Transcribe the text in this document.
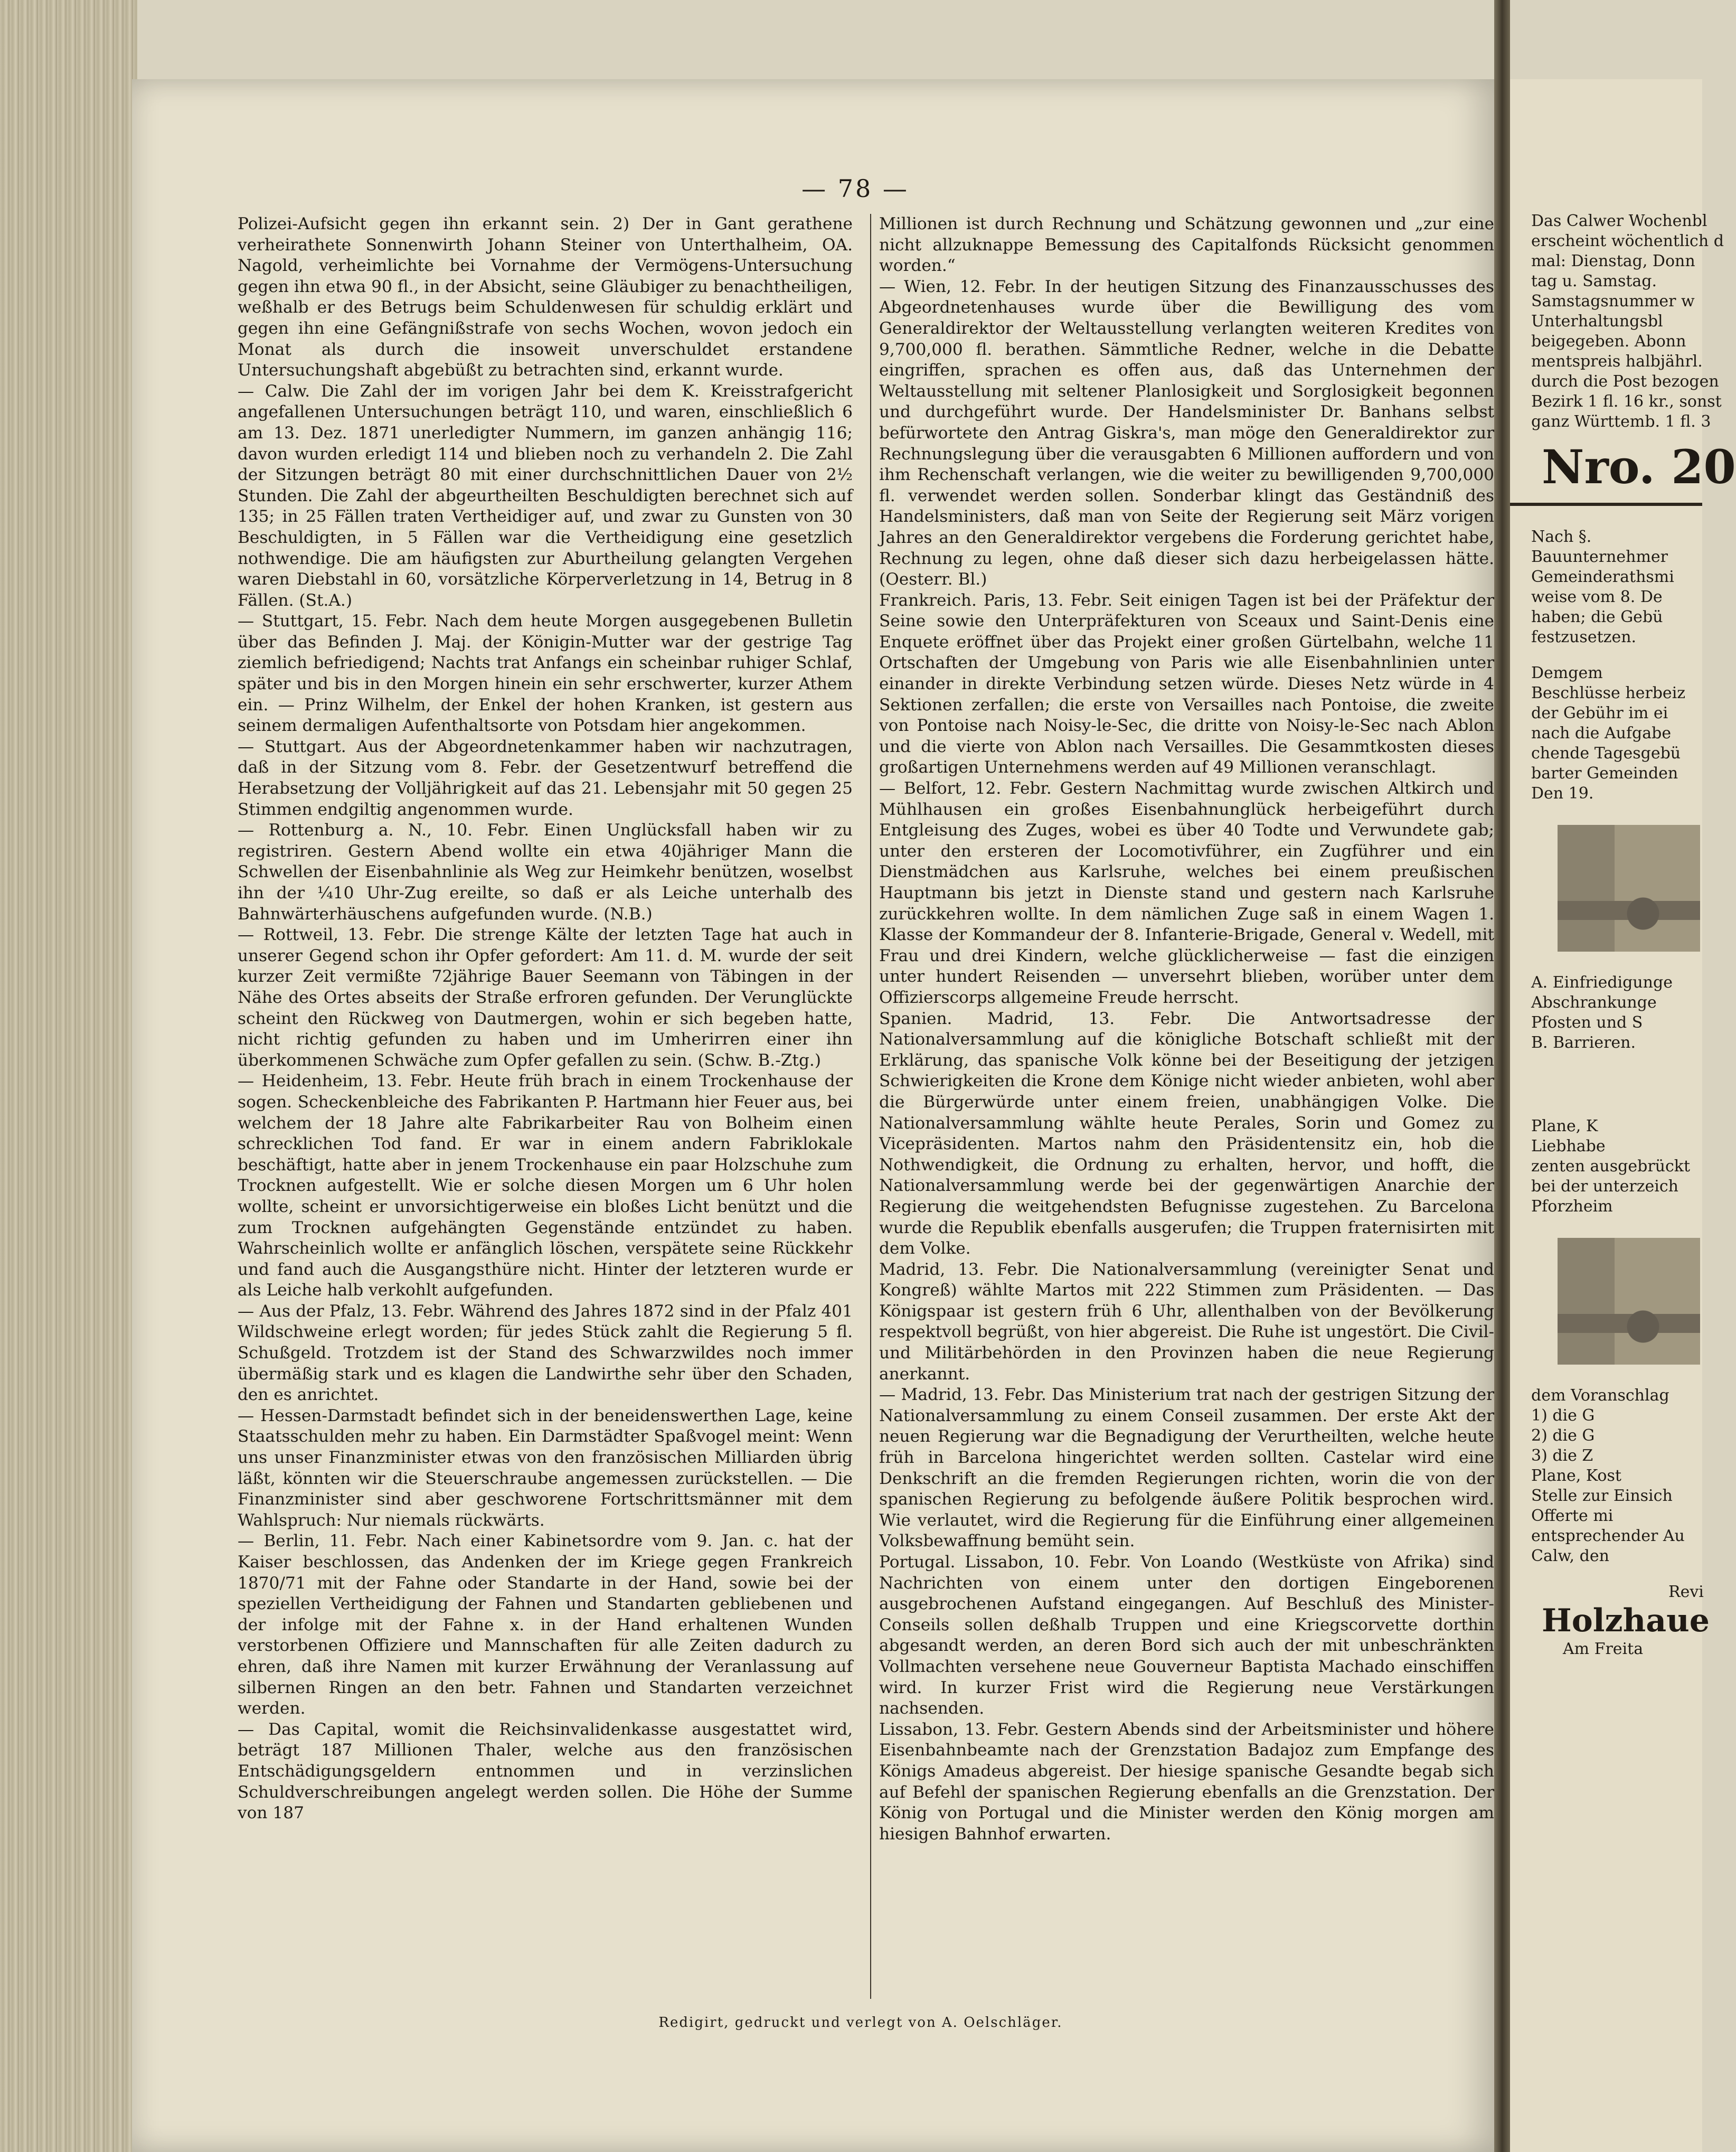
— 78 —

Polizei-Aufsicht gegen ihn erkannt sein. 2) Der in Gant gerathene verheirathete Sonnenwirth Johann Steiner von Unterthalheim, OA. Nagold, verheimlichte bei Vornahme der Vermögens-Untersuchung gegen ihn etwa 90 fl., in der Absicht, seine Gläubiger zu benachtheiligen, weßhalb er des Betrugs beim Schuldenwesen für schuldig erklärt und gegen ihn eine Gefängnißstrafe von sechs Wochen, wovon jedoch ein Monat als durch die insoweit unverschuldet erstandene Untersuchungshaft abgebüßt zu betrachten sind, erkannt wurde.

— Calw. Die Zahl der im vorigen Jahr bei dem K. Kreisstrafgericht angefallenen Untersuchungen beträgt 110, und waren, einschließlich 6 am 13. Dez. 1871 unerledigter Nummern, im ganzen anhängig 116; davon wurden erledigt 114 und blieben noch zu verhandeln 2. Die Zahl der Sitzungen beträgt 80 mit einer durchschnittlichen Dauer von 2½ Stunden. Die Zahl der abgeurtheilten Beschuldigten berechnet sich auf 135; in 25 Fällen traten Vertheidiger auf, und zwar zu Gunsten von 30 Beschuldigten, in 5 Fällen war die Vertheidigung eine gesetzlich nothwendige. Die am häufigsten zur Aburtheilung gelangten Vergehen waren Diebstahl in 60, vorsätzliche Körperverletzung in 14, Betrug in 8 Fällen. (St.A.)

— Stuttgart, 15. Febr. Nach dem heute Morgen ausgegebenen Bulletin über das Befinden J. Maj. der Königin-Mutter war der gestrige Tag ziemlich befriedigend; Nachts trat Anfangs ein scheinbar ruhiger Schlaf, später und bis in den Morgen hinein ein sehr erschwerter, kurzer Athem ein. — Prinz Wilhelm, der Enkel der hohen Kranken, ist gestern aus seinem dermaligen Aufenthaltsorte von Potsdam hier angekommen.

— Stuttgart. Aus der Abgeordnetenkammer haben wir nachzutragen, daß in der Sitzung vom 8. Febr. der Gesetzentwurf betreffend die Herabsetzung der Volljährigkeit auf das 21. Lebensjahr mit 50 gegen 25 Stimmen endgiltig angenommen wurde.

— Rottenburg a. N., 10. Febr. Einen Unglücksfall haben wir zu registriren. Gestern Abend wollte ein etwa 40jähriger Mann die Schwellen der Eisenbahnlinie als Weg zur Heimkehr benützen, woselbst ihn der ¼10 Uhr-Zug ereilte, so daß er als Leiche unterhalb des Bahnwärterhäuschens aufgefunden wurde. (N.B.)

— Rottweil, 13. Febr. Die strenge Kälte der letzten Tage hat auch in unserer Gegend schon ihr Opfer gefordert: Am 11. d. M. wurde der seit kurzer Zeit vermißte 72jährige Bauer Seemann von Täbingen in der Nähe des Ortes abseits der Straße erfroren gefunden. Der Verunglückte scheint den Rückweg von Dautmergen, wohin er sich begeben hatte, nicht richtig gefunden zu haben und im Umherirren einer ihn überkommenen Schwäche zum Opfer gefallen zu sein. (Schw. B.-Ztg.)

— Heidenheim, 13. Febr. Heute früh brach in einem Trockenhause der sogen. Scheckenbleiche des Fabrikanten P. Hartmann hier Feuer aus, bei welchem der 18 Jahre alte Fabrikarbeiter Rau von Bolheim einen schrecklichen Tod fand. Er war in einem andern Fabriklokale beschäftigt, hatte aber in jenem Trockenhause ein paar Holzschuhe zum Trocknen aufgestellt. Wie er solche diesen Morgen um 6 Uhr holen wollte, scheint er unvorsichtigerweise ein bloßes Licht benützt und die zum Trocknen aufgehängten Gegenstände entzündet zu haben. Wahrscheinlich wollte er anfänglich löschen, verspätete seine Rückkehr und fand auch die Ausgangsthüre nicht. Hinter der letzteren wurde er als Leiche halb verkohlt aufgefunden.

— Aus der Pfalz, 13. Febr. Während des Jahres 1872 sind in der Pfalz 401 Wildschweine erlegt worden; für jedes Stück zahlt die Regierung 5 fl. Schußgeld. Trotzdem ist der Stand des Schwarzwildes noch immer übermäßig stark und es klagen die Landwirthe sehr über den Schaden, den es anrichtet.

— Hessen-Darmstadt befindet sich in der beneidenswerthen Lage, keine Staatsschulden mehr zu haben. Ein Darmstädter Spaßvogel meint: Wenn uns unser Finanzminister etwas von den französischen Milliarden übrig läßt, könnten wir die Steuerschraube angemessen zurückstellen. — Die Finanzminister sind aber geschworene Fortschrittsmänner mit dem Wahlspruch: Nur niemals rückwärts.

— Berlin, 11. Febr. Nach einer Kabinetsordre vom 9. Jan. c. hat der Kaiser beschlossen, das Andenken der im Kriege gegen Frankreich 1870/71 mit der Fahne oder Standarte in der Hand, sowie bei der speziellen Vertheidigung der Fahnen und Standarten gebliebenen und der infolge mit der Fahne x. in der Hand erhaltenen Wunden verstorbenen Offiziere und Mannschaften für alle Zeiten dadurch zu ehren, daß ihre Namen mit kurzer Erwähnung der Veranlassung auf silbernen Ringen an den betr. Fahnen und Standarten verzeichnet werden.

— Das Capital, womit die Reichsinvalidenkasse ausgestattet wird, beträgt 187 Millionen Thaler, welche aus den französischen Entschädigungsgeldern entnommen und in verzinslichen Schuldverschreibungen angelegt werden sollen. Die Höhe der Summe von 187

Millionen ist durch Rechnung und Schätzung gewonnen und „zur eine nicht allzuknappe Bemessung des Capitalfonds Rücksicht genommen worden.“

— Wien, 12. Febr. In der heutigen Sitzung des Finanzausschusses des Abgeordnetenhauses wurde über die Bewilligung des vom Generaldirektor der Weltausstellung verlangten weiteren Kredites von 9,700,000 fl. berathen. Sämmtliche Redner, welche in die Debatte eingriffen, sprachen es offen aus, daß das Unternehmen der Weltausstellung mit seltener Planlosigkeit und Sorglosigkeit begonnen und durchgeführt wurde. Der Handelsminister Dr. Banhans selbst befürwortete den Antrag Giskra's, man möge den Generaldirektor zur Rechnungslegung über die verausgabten 6 Millionen auffordern und von ihm Rechenschaft verlangen, wie die weiter zu bewilligenden 9,700,000 fl. verwendet werden sollen. Sonderbar klingt das Geständniß des Handelsministers, daß man von Seite der Regierung seit März vorigen Jahres an den Generaldirektor vergebens die Forderung gerichtet habe, Rechnung zu legen, ohne daß dieser sich dazu herbeigelassen hätte. (Oesterr. Bl.)

Frankreich. Paris, 13. Febr. Seit einigen Tagen ist bei der Präfektur der Seine sowie den Unterpräfekturen von Sceaux und Saint-Denis eine Enquete eröffnet über das Projekt einer großen Gürtelbahn, welche 11 Ortschaften der Umgebung von Paris wie alle Eisenbahnlinien unter einander in direkte Verbindung setzen würde. Dieses Netz würde in 4 Sektionen zerfallen; die erste von Versailles nach Pontoise, die zweite von Pontoise nach Noisy-le-Sec, die dritte von Noisy-le-Sec nach Ablon und die vierte von Ablon nach Versailles. Die Gesammtkosten dieses großartigen Unternehmens werden auf 49 Millionen veranschlagt.

— Belfort, 12. Febr. Gestern Nachmittag wurde zwischen Altkirch und Mühlhausen ein großes Eisenbahnunglück herbeigeführt durch Entgleisung des Zuges, wobei es über 40 Todte und Verwundete gab; unter den ersteren der Locomotivführer, ein Zugführer und ein Dienstmädchen aus Karlsruhe, welches bei einem preußischen Hauptmann bis jetzt in Dienste stand und gestern nach Karlsruhe zurückkehren wollte. In dem nämlichen Zuge saß in einem Wagen 1. Klasse der Kommandeur der 8. Infanterie-Brigade, General v. Wedell, mit Frau und drei Kindern, welche glücklicherweise — fast die einzigen unter hundert Reisenden — unversehrt blieben, worüber unter dem Offizierscorps allgemeine Freude herrscht.

Spanien. Madrid, 13. Febr. Die Antwortsadresse der Nationalversammlung auf die königliche Botschaft schließt mit der Erklärung, das spanische Volk könne bei der Beseitigung der jetzigen Schwierigkeiten die Krone dem Könige nicht wieder anbieten, wohl aber die Bürgerwürde unter einem freien, unabhängigen Volke. Die Nationalversammlung wählte heute Perales, Sorin und Gomez zu Vicepräsidenten. Martos nahm den Präsidentensitz ein, hob die Nothwendigkeit, die Ordnung zu erhalten, hervor, und hofft, die Nationalversammlung werde bei der gegenwärtigen Anarchie der Regierung die weitgehendsten Befugnisse zugestehen. Zu Barcelona wurde die Republik ebenfalls ausgerufen; die Truppen fraternisirten mit dem Volke.

Madrid, 13. Febr. Die Nationalversammlung (vereinigter Senat und Kongreß) wählte Martos mit 222 Stimmen zum Präsidenten. — Das Königspaar ist gestern früh 6 Uhr, allenthalben von der Bevölkerung respektvoll begrüßt, von hier abgereist. Die Ruhe ist ungestört. Die Civil- und Militärbehörden in den Provinzen haben die neue Regierung anerkannt.

— Madrid, 13. Febr. Das Ministerium trat nach der gestrigen Sitzung der Nationalversammlung zu einem Conseil zusammen. Der erste Akt der neuen Regierung war die Begnadigung der Verurtheilten, welche heute früh in Barcelona hingerichtet werden sollten. Castelar wird eine Denkschrift an die fremden Regierungen richten, worin die von der spanischen Regierung zu befolgende äußere Politik besprochen wird. Wie verlautet, wird die Regierung für die Einführung einer allgemeinen Volksbewaffnung bemüht sein.

Portugal. Lissabon, 10. Febr. Von Loando (Westküste von Afrika) sind Nachrichten von einem unter den dortigen Eingeborenen ausgebrochenen Aufstand eingegangen. Auf Beschluß des Minister-Conseils sollen deßhalb Truppen und eine Kriegscorvette dorthin abgesandt werden, an deren Bord sich auch der mit unbeschränkten Vollmachten versehene neue Gouverneur Baptista Machado einschiffen wird. In kurzer Frist wird die Regierung neue Verstärkungen nachsenden.

Lissabon, 13. Febr. Gestern Abends sind der Arbeitsminister und höhere Eisenbahnbeamte nach der Grenzstation Badajoz zum Empfange des Königs Amadeus abgereist. Der hiesige spanische Gesandte begab sich auf Befehl der spanischen Regierung ebenfalls an die Grenzstation. Der König von Portugal und die Minister werden den König morgen am hiesigen Bahnhof erwarten.

Redigirt, gedruckt und verlegt von A. Oelschläger.
Das Calwer Wochenbl
erscheint wöchentlich d
mal: Dienstag, Donn
tag u. Samstag.
Samstagsnummer w
Unterhaltungsbl
beigegeben. Abonn
mentspreis halbjährl.
durch die Post bezogen
Bezirk 1 fl. 16 kr., sonst
ganz Württemb. 1 fl. 3
Nro. 20
Nach §.
Bauunternehmer
Gemeinderathsmi
weise vom 8. De
haben; die Gebü
festzusetzen.
Demgem
Beschlüsse herbeiz
der Gebühr im ei
nach die Aufgabe
chende Tagesgebü
barter Gemeinden
Den 19.
A. Einfriedigunge
Abschrankunge
Pfosten und S
B. Barrieren.
Plane, K
Liebhabe
zenten ausgebrückt
bei der unterzeich
Pforzheim
dem Voranschlag
1) die G
2) die G
3) die Z
Plane, Kost
Stelle zur Einsich
Offerte mi
entsprechender Au
Calw, den
Revi
Holzhaue
Am Freita
